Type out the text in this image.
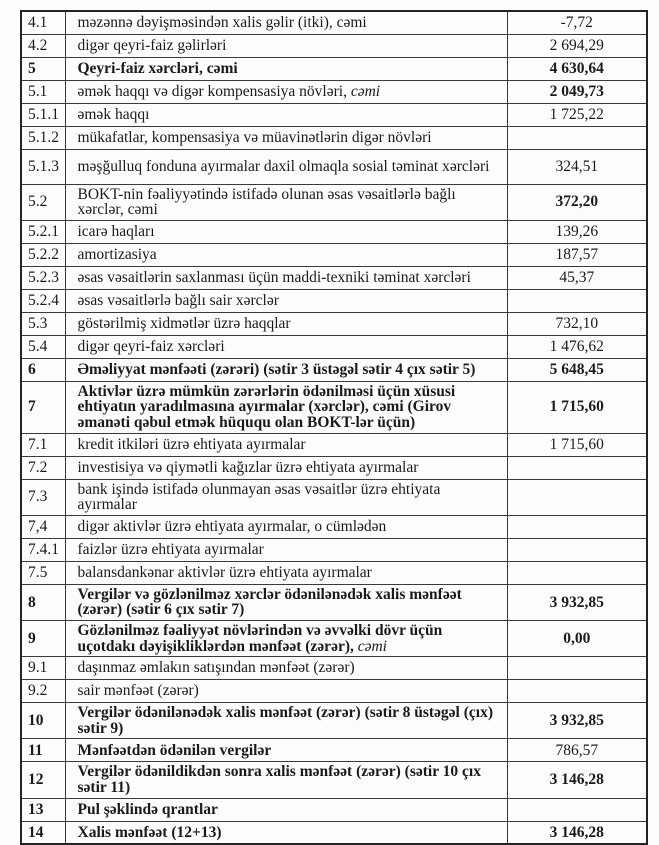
4.1	məzənnə dəyişməsindən xalis gəlir (itki), cəmi	-7,72
4.2	digər qeyri-faiz gəlirləri	2 694,29
5	Qeyri-faiz xərcləri, cəmi	4 630,64
5.1	əmək haqqı və digər kompensasiya növləri, cəmi	2 049,73
5.1.1	əmək haqqı	1 725,22
5.1.2	mükafatlar, kompensasiya və müavinətlərin digər növləri	
5.1.3	məşğulluq fonduna ayırmalar daxil olmaqla sosial təminat xərcləri	324,51
5.2	BOKT-nin fəaliyyətində istifadə olunan əsas vəsaitlərlə bağlı xərclər, cəmi	372,20
5.2.1	icarə haqları	139,26
5.2.2	amortizasiya	187,57
5.2.3	əsas vəsaitlərin saxlanması üçün maddi-texniki təminat xərcləri	45,37
5.2.4	əsas vəsaitlərlə bağlı sair xərclər	
5.3	göstərilmiş xidmətlər üzrə haqqlar	732,10
5.4	digər qeyri-faiz xərcləri	1 476,62
6	Əməliyyat mənfəəti (zərəri) (sətir 3 üstəgəl sətir 4 çıx sətir 5)	5 648,45
7	Aktivlər üzrə mümkün zərərlərin ödənilməsi üçün xüsusi ehtiyatın yaradılmasına ayırmalar (xərclər), cəmi (Girov əmanəti qəbul etmək hüququ olan BOKT-lər üçün)	1 715,60
7.1	kredit itkiləri üzrə ehtiyata ayırmalar	1 715,60
7.2	investisiya və qiymətli kağızlar üzrə ehtiyata ayırmalar	
7.3	bank işində istifadə olunmayan əsas vəsaitlər üzrə ehtiyata ayırmalar	
7,4	digər aktivlər üzrə ehtiyata ayırmalar, o cümlədən	
7.4.1	faizlər üzrə ehtiyata ayırmalar	
7.5	balansdankənar aktivlər üzrə ehtiyata ayırmalar	
8	Vergilər və gözlənilməz xərclər ödənilənədək xalis mənfəət (zərər) (sətir 6 çıx sətir 7)	3 932,85
9	Gözlənilməz fəaliyyət növlərindən və əvvəlki dövr üçün uçotdakı dəyişikliklərdən mənfəət (zərər), cəmi	0,00
9.1	daşınmaz əmlakın satışından mənfəət (zərər)	
9.2	sair mənfəət (zərər)	
10	Vergilər ödənilənədək xalis mənfəət (zərər) (sətir 8 üstəgəl (çıx) sətir 9)	3 932,85
11	Mənfəətdən ödənilən vergilər	786,57
12	Vergilər ödənildikdən sonra xalis mənfəət (zərər) (sətir 10 çıx sətir 11)	3 146,28
13	Pul şəklində qrantlar	
14	Xalis mənfəət (12+13)	3 146,28
